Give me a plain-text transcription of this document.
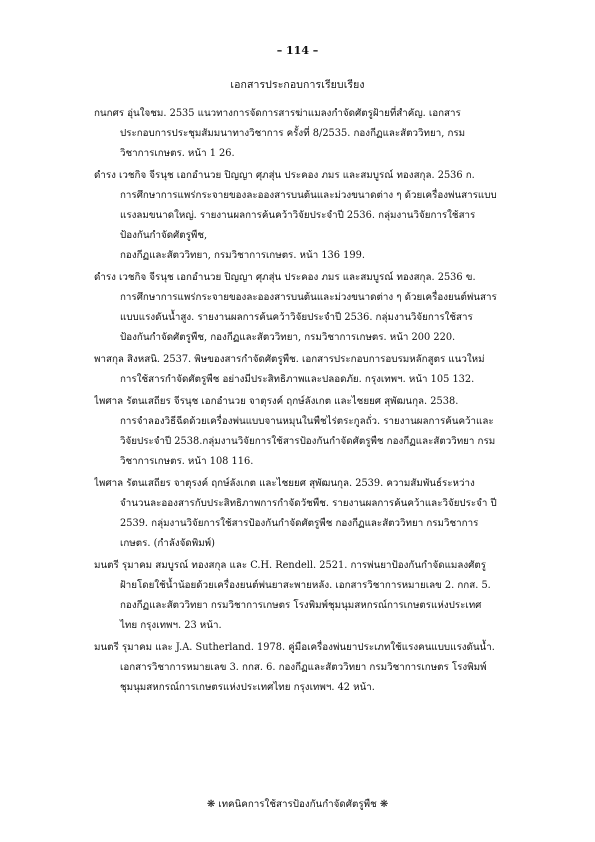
– 114 –
เอกสารประกอบการเรียบเรียง
กนกศร อุ่นใจชม. 2535 แนวทางการจัดการสารฆ่าแมลงกำจัดศัตรูฝ้ายที่สำคัญ. เอกสาร
ประกอบการประชุมสัมมนาทางวิชาการ ครั้งที่ 8/2535. กองกีฏและสัตววิทยา, กรม
วิชาการเกษตร. หน้า 1 26.
ดำรง เวชกิจ จีรนุช เอกอำนวย ปิญญา ศุภสุ่น ประคอง ภมร และสมบูรณ์ ทองสกุล. 2536 ก.
การศึกษาการแพร่กระจายของละอองสารบนต้นและม่วงขนาดต่าง ๆ ด้วยเครื่องพ่นสารแบบ
แรงลมขนาดใหญ่. รายงานผลการค้นคว้าวิจัยประจำปี 2536. กลุ่มงานวิจัยการใช้สาร
ป้องกันกำจัดศัตรูพืช,
กองกีฏและสัตววิทยา, กรมวิชาการเกษตร. หน้า 136 199.
ดำรง เวชกิจ จีรนุช เอกอำนวย ปิญญา ศุภสุ่น ประคอง ภมร และสมบูรณ์ ทองสกุล. 2536 ข.
การศึกษาการแพร่กระจายของละอองสารบนต้นและม่วงขนาดต่าง ๆ ด้วยเครื่องยนต์พ่นสาร
แบบแรงดันน้ำสูง. รายงานผลการค้นคว้าวิจัยประจำปี 2536. กลุ่มงานวิจัยการใช้สาร
ป้องกันกำจัดศัตรูพืช, กองกีฏและสัตววิทยา, กรมวิชาการเกษตร. หน้า 200 220.
พาสกุล สิงหสนิ. 2537. พิษของสารกำจัดศัตรูพืช. เอกสารประกอบการอบรมหลักสูตร แนวใหม่
การใช้สารกำจัดศัตรูพืช อย่างมีประสิทธิภาพและปลอดภัย. กรุงเทพฯ. หน้า 105 132.
ไพศาล รัตนเสถียร จีรนุช เอกอำนวย จาตุรงค์ ฤกษ์ลังเกต และไชยยศ สุพัฒนกุล. 2538.
การจำลองวิธีฉีดด้วยเครื่องพ่นแบบจานหมุนในพืชไร่ตระกูลถั่ว. รายงานผลการค้นคว้าและ
วิจัยประจำปี 2538.กลุ่มงานวิจัยการใช้สารป้องกันกำจัดศัตรูพืช กองกีฏและสัตววิทยา กรม
วิชาการเกษตร. หน้า 108 116.
ไพศาล รัตนเสถียร จาตุรงค์ ฤกษ์ลังเกต และไชยยศ สุพัฒนกุล. 2539. ความสัมพันธ์ระหว่าง
จำนวนละอองสารกับประสิทธิภาพการกำจัดวัชพืช. รายงานผลการค้นคว้าและวิจัยประจำ ปี
2539. กลุ่มงานวิจัยการใช้สารป้องกันกำจัดศัตรูพืช กองกีฏและสัตววิทยา กรมวิชาการ
เกษตร. (กำลังจัดพิมพ์)
มนตรี รุมาคม สมบูรณ์ ทองสกุล และ C.H. Rendell. 2521. การพ่นยาป้องกันกำจัดแมลงศัตรู
ฝ้ายโดยใช้น้ำน้อยด้วยเครื่องยนต์พ่นยาสะพายหลัง. เอกสารวิชาการหมายเลข 2. กกส. 5.
กองกีฏและสัตววิทยา กรมวิชาการเกษตร โรงพิมพ์ชุมนุมสหกรณ์การเกษตรแห่งประเทศ
ไทย กรุงเทพฯ. 23 หน้า.
มนตรี รุมาคม และ J.A. Sutherland. 1978. คู่มือเครื่องพ่นยาประเภทใช้แรงคนแบบแรงดันน้ำ.
เอกสารวิชาการหมายเลข 3. กกส. 6. กองกีฏและสัตววิทยา กรมวิชาการเกษตร โรงพิมพ์
ชุมนุมสหกรณ์การเกษตรแห่งประเทศไทย กรุงเทพฯ. 42 หน้า.
❋ เทคนิคการใช้สารป้องกันกำจัดศัตรูพืช ❋
